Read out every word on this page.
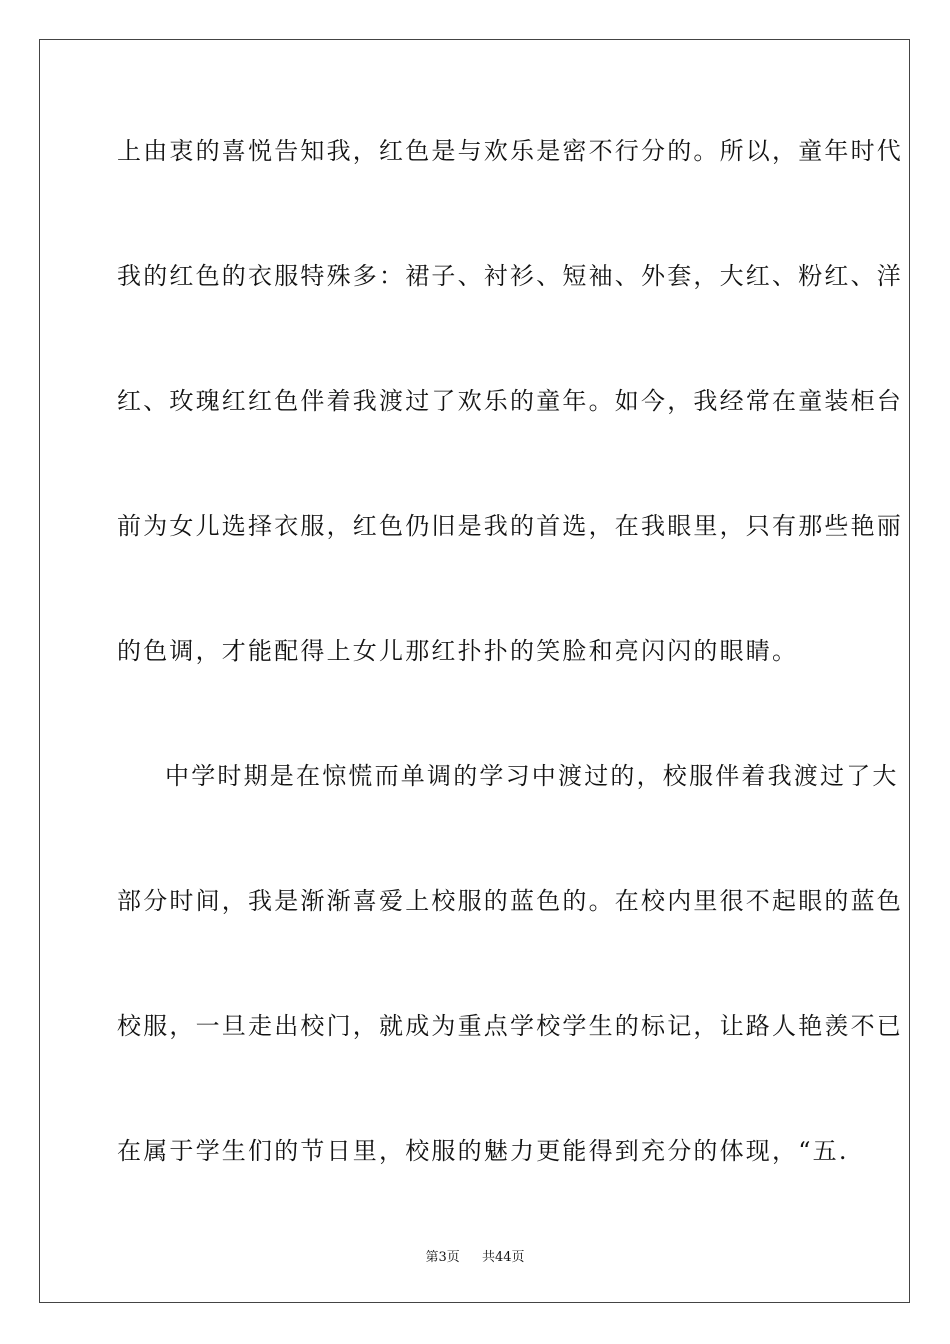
上由衷的喜悦告知我，红色是与欢乐是密不行分的。所以，童年时代
我的红色的衣服特殊多：裙子、衬衫、短袖、外套，大红、粉红、洋
红、玫瑰红红色伴着我渡过了欢乐的童年。如今，我经常在童装柜台
前为女儿选择衣服，红色仍旧是我的首选，在我眼里，只有那些艳丽
的色调，才能配得上女儿那红扑扑的笑脸和亮闪闪的眼睛。
中学时期是在惊慌而单调的学习中渡过的，校服伴着我渡过了大
部分时间，我是渐渐喜爱上校服的蓝色的。在校内里很不起眼的蓝色
校服，一旦走出校门，就成为重点学校学生的标记，让路人艳羡不已
在属于学生们的节日里，校服的魅力更能得到充分的体现，“五.
第3页 共44页
